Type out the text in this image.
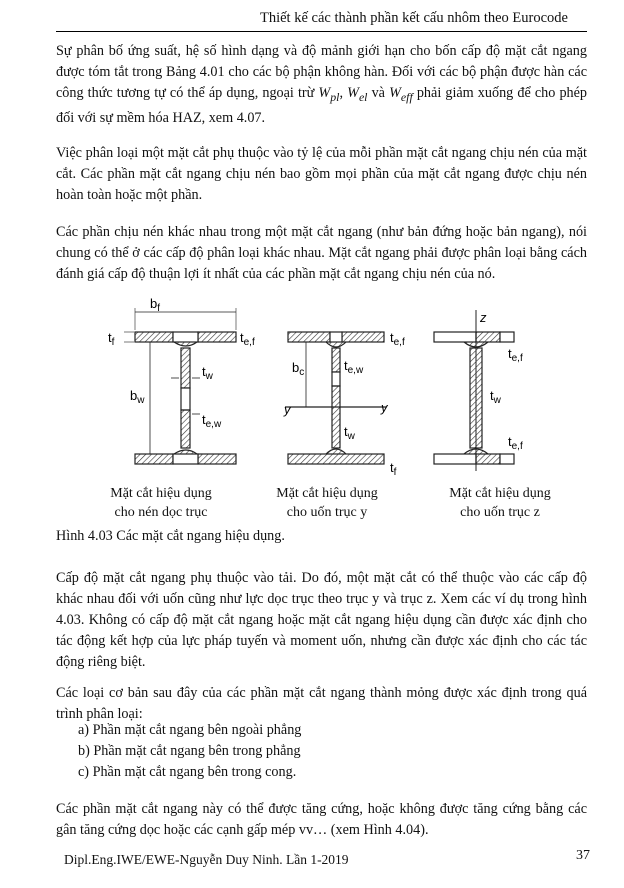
Thiết kế các thành phần kết cấu nhôm theo Eurocode

Sự phân bố ứng suất, hệ số hình dạng và độ mảnh giới hạn cho bốn cấp độ mặt cắt ngang được tóm tắt trong Bảng 4.01 cho các bộ phận không hàn. Đối với các bộ phận được hàn các công thức tương tự có thể áp dụng, ngoại trừ $W_{pl}$, $W_{el}$ và $W_{eff}$ phải giảm xuống để cho phép đối với sự mềm hóa HAZ, xem 4.07.

Việc phân loại một mặt cắt phụ thuộc vào tỷ lệ của mỗi phần mặt cắt ngang chịu nén của mặt cắt. Các phần mặt cắt ngang chịu nén bao gồm mọi phần của mặt cắt ngang được chịu nén hoàn toàn hoặc một phần.

Các phần chịu nén khác nhau trong một mặt cắt ngang (như bản đứng hoặc bản ngang), nói chung có thể ở các cấp độ phân loại khác nhau. Mặt cắt ngang phải được phân loại bằng cách đánh giá cấp độ thuận lợi ít nhất của các phần mặt cắt ngang chịu nén của nó.

$b_f$
$t_f$	$t_{e,f}$
$t_w$
$b_w$
$t_{e,w}$
$t_{e,f}$
$b_c$	$t_{e,w}$
y	y
$t_w$
$t_f$
z
$t_{e,f}$
$t_w$
$t_{e,f}$
Mặt cắt hiệu dụng
cho nén dọc trục
Mặt cắt hiệu dụng
cho uốn trục y
Mặt cắt hiệu dụng
cho uốn trục z

Hình 4.03 Các mặt cắt ngang hiệu dụng.

Cấp độ mặt cắt ngang phụ thuộc vào tải. Do đó, một mặt cắt có thể thuộc vào các cấp độ khác nhau đối với uốn cũng như lực dọc trục theo trục y và trục z. Xem các ví dụ trong hình 4.03. Không có cấp độ mặt cắt ngang hoặc mặt cắt ngang hiệu dụng cần được xác định cho tác động kết hợp của lực pháp tuyến và moment uốn, nhưng cần được xác định cho các tác động riêng biệt.

Các loại cơ bản sau đây của các phần mặt cắt ngang thành mỏng được xác định trong quá trình phân loại:

a) Phần mặt cắt ngang bên ngoài phẳng

b) Phần mặt cắt ngang bên trong phẳng

c) Phần mặt cắt ngang bên trong cong.

Các phần mặt cắt ngang này có thể được tăng cứng, hoặc không được tăng cứng bằng các gân tăng cứng dọc hoặc các cạnh gấp mép vv… (xem Hình 4.04).

Dipl.Eng.IWE/EWE-Nguyễn Duy Ninh. Lần 1-2019	37
